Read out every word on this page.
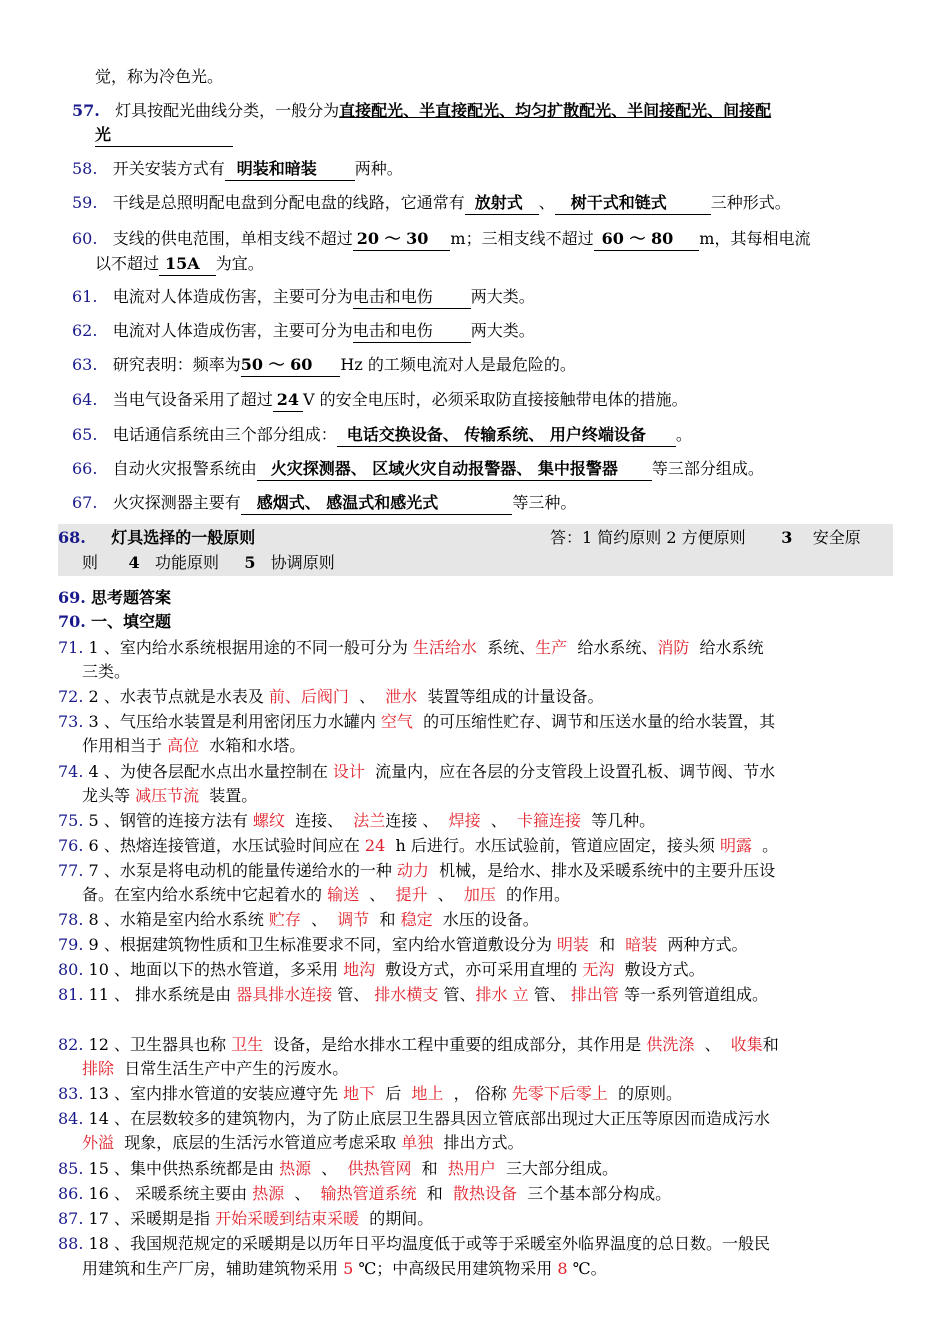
觉，称为冷色光。
57. 灯具按配光曲线分类，一般分为直接配光、半直接配光、均匀扩散配光、半间接配光、间接配
光
58. 开关安装方式有 明装和暗装 两种。
59. 干线是总照明配电盘到分配电盘的线路，它通常有 放射式 、 树干式和链式	三种形式。
60. 支线的供电范围，单相支线不超过 20 ～ 30 m；三相支线不超过 60 ～ 80 m，其每相电流
以不超过 15A 为宜。
61. 电流对人体造成伤害，主要可分为电击和电伤 两大类。
62. 电流对人体造成伤害，主要可分为电击和电伤 两大类。
63. 研究表明：频率为50 ～ 60 Hz 的工频电流对人是最危险的。
64. 当电气设备采用了超过 24 V 的安全电压时，必须采取防直接接触带电体的措施。
65. 电话通信系统由三个部分组成： 电话交换设备、 传输系统、 用户终端设备 。
66. 自动火灾报警系统由 火灾探测器、 区域火灾自动报警器、 集中报警器 等三部分组成。
67. 火灾探测器主要有 感烟式、 感温式和感光式	等三种。
68. 灯具选择的一般原则	答：1 简约原则 2 方便原则 3 安全原
则 4 功能原则 5 协调原则
69. 思考题答案
70. 一、填空题
71. 1 、室内给水系统根据用途的不同一般可分为 生活给水 系统、生产 给水系统、消防 给水系统
三类。
72. 2 、水表节点就是水表及 前、后阀门 、 泄水 装置等组成的计量设备。
73. 3 、气压给水装置是利用密闭压力水罐内 空气 的可压缩性贮存、调节和压送水量的给水装置，其
作用相当于 高位 水箱和水塔。
74. 4 、为使各层配水点出水量控制在 设计 流量内，应在各层的分支管段上设置孔板、调节阀、节水
龙头等 减压节流 装置。
75. 5 、钢管的连接方法有 螺纹 连接、 法兰连接 、 焊接 、 卡箍连接 等几种。
76. 6 、热熔连接管道，水压试验时间应在 24 h 后进行。水压试验前，管道应固定，接头须 明露 。
77. 7 、水泵是将电动机的能量传递给水的一种 动力 机械，是给水、排水及采暖系统中的主要升压设
备。在室内给水系统中它起着水的 输送 、 提升 、 加压 的作用。
78. 8 、水箱是室内给水系统 贮存 、 调节 和 稳定 水压的设备。
79. 9 、根据建筑物性质和卫生标准要求不同，室内给水管道敷设分为 明装 和 暗装 两种方式。
80. 10 、地面以下的热水管道，多采用 地沟 敷设方式，亦可采用直埋的 无沟 敷设方式。
81. 11 、 排水系统是由 器具排水连接 管、 排水横支 管、排水 立 管、 排出管 等一系列管道组成。
82. 12 、卫生器具也称 卫生 设备，是给水排水工程中重要的组成部分，其作用是 供洗涤 、 收集和
排除 日常生活生产中产生的污废水。
83. 13 、室内排水管道的安装应遵守先 地下 后 地上 ， 俗称 先零下后零上 的原则。
84. 14 、在层数较多的建筑物内，为了防止底层卫生器具因立管底部出现过大正压等原因而造成污水
外溢 现象，底层的生活污水管道应考虑采取 单独 排出方式。
85. 15 、集中供热系统都是由 热源 、 供热管网 和 热用户 三大部分组成。
86. 16 、 采暖系统主要由 热源 、 输热管道系统 和 散热设备 三个基本部分构成。
87. 17 、采暖期是指 开始采暖到结束采暖 的期间。
88. 18 、我国规范规定的采暖期是以历年日平均温度低于或等于采暖室外临界温度的总日数。一般民
用建筑和生产厂房，辅助建筑物采用 5 ℃；中高级民用建筑物采用 8 ℃。
